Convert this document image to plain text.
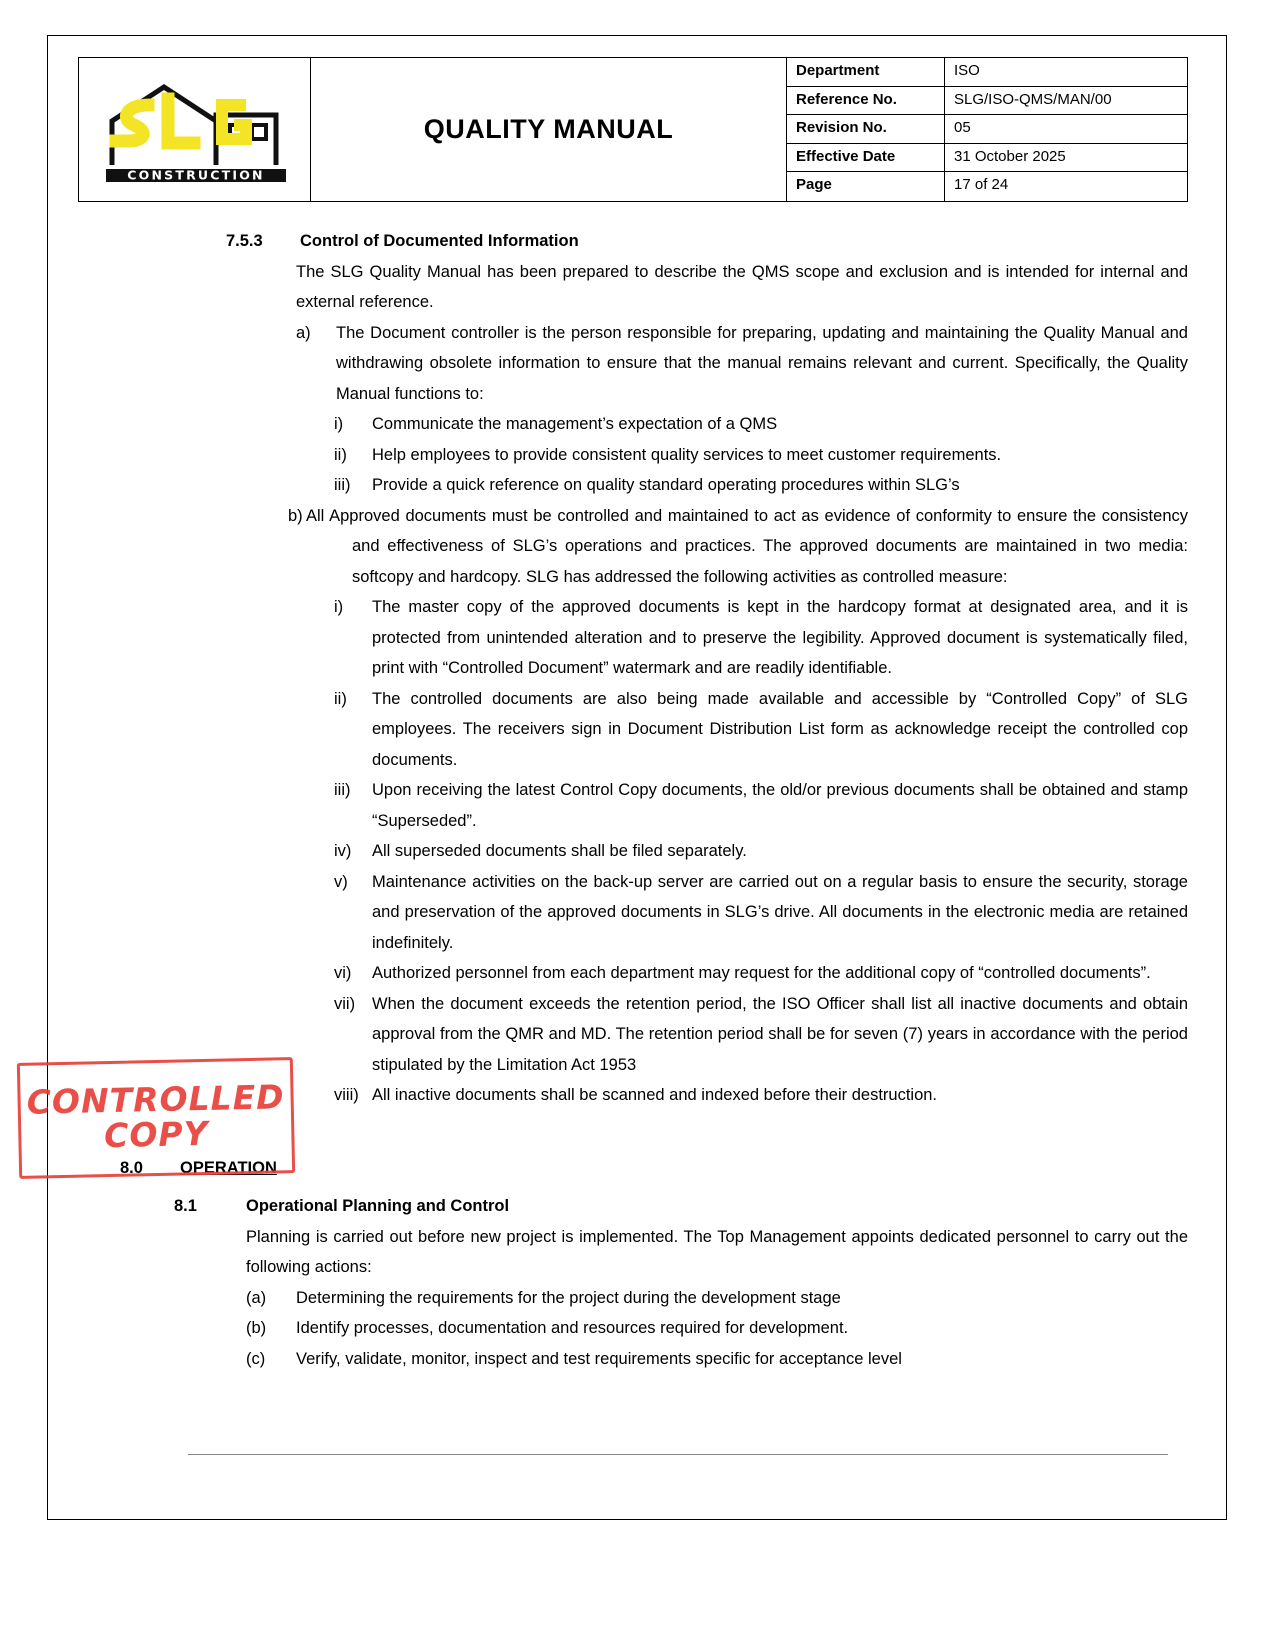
CONSTRUCTION
QUALITY MANUAL
Department	ISO
Reference No.	SLG/ISO-QMS/MAN/00
Revision No.	05
Effective Date	31 October 2025
Page	17 of 24
7.5.3	Control of Documented Information
The SLG Quality Manual has been prepared to describe the QMS scope and exclusion and is intended for internal and external reference.
a)	The Document controller is the person responsible for preparing, updating and maintaining the Quality Manual and withdrawing obsolete information to ensure that the manual remains relevant and current. Specifically, the Quality Manual functions to:
i)	Communicate the management’s expectation of a QMS
ii)	Help employees to provide consistent quality services to meet customer requirements.
iii)	Provide a quick reference on quality standard operating procedures within SLG’s
b) All Approved documents must be controlled and maintained to act as evidence of conformity to ensure the consistency and effectiveness of SLG’s operations and practices. The approved documents are maintained in two media: softcopy and hardcopy. SLG has addressed the following activities as controlled measure:
i)	The master copy of the approved documents is kept in the hardcopy format at designated area, and it is protected from unintended alteration and to preserve the legibility. Approved document is systematically filed, print with “Controlled Document” watermark and are readily identifiable.
ii)	The controlled documents are also being made available and accessible by “Controlled Copy” of SLG employees. The receivers sign in Document Distribution List form as acknowledge receipt the controlled cop documents.
iii)	Upon receiving the latest Control Copy documents, the old/or previous documents shall be obtained and stamp “Superseded”.
iv)	All superseded documents shall be filed separately.
v)	Maintenance activities on the back-up server are carried out on a regular basis to ensure the security, storage and preservation of the approved documents in SLG’s drive. All documents in the electronic media are retained indefinitely.
vi)	Authorized personnel from each department may request for the additional copy of “controlled documents”.
vii)	When the document exceeds the retention period, the ISO Officer shall list all inactive documents and obtain approval from the QMR and MD. The retention period shall be for seven (7) years in accordance with the period stipulated by the Limitation Act 1953
viii) All inactive documents shall be scanned and indexed before their destruction.
8.0	OPERATION
8.1	Operational Planning and Control
Planning is carried out before new project is implemented. The Top Management appoints dedicated personnel to carry out the following actions:
(a)	Determining the requirements for the project during the development stage
(b)	Identify processes, documentation and resources required for development.
(c)	Verify, validate, monitor, inspect and test requirements specific for acceptance level
CONTROLLED
COPY
